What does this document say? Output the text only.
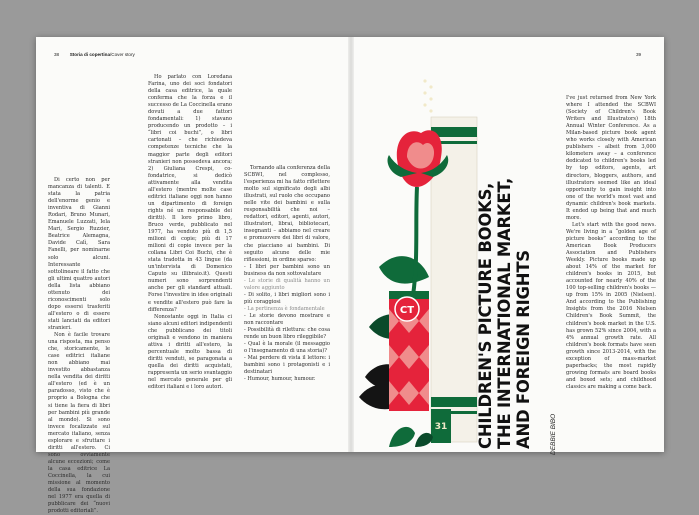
38 Storia di copertina/Cover story	39

Di certo non per mancanza di talenti. E stata la patria dell'enorme genio e inventiva di Gianni Rodari, Bruno Munari, Emanuele Luzzati, Iela Mari, Sergio Ruzzier, Beatrice Alemagna, Davide Calì, Sara Fanelli, per nominarne solo alcuni. Interessante sottolineare il fatto che gli ultimi quattro autori della lista abbiano ottenuto dei riconoscimenti solo dopo essersi trasferiti all'estero o di essere stati lanciati da editori stranieri.

Non è facile trovare una risposta, ma penso che, storicamente, le case editrici italiane non abbiano mai investito abbastanza nella vendita dei diritti all'estero (ed è un paradosso, visto che è proprio a Bologna che si tiene la fiera di libri per bambini più grande al mondo). Si sono invece focalizzate sul mercato italiano, senza esplorare e sfruttare i diritti all'estero. Ci sono ovviamente alcune eccezioni; come la casa editrice La Coccinella, la cui missione al momento della sua fondazione nel 1977 era quella di pubblicare dei “nuovi prodotti editoriali”.

Ho parlato con Loredana Farina, uno dei soci fondatori della casa editrice, la quale conferma che la forza e il successo de La Coccinella erano dovuti a due fattori fondamentali: 1) stavano producendo un prodotto – i “libri coi buchi”, o libri cartonati – che richiedeva competenze tecniche che la maggior parte degli editori stranieri non possedeva ancora; 2) Giuliana Crespi, co-fondatrice, si dedicò attivamente alla vendita all'estero (mentre molte case editrici italiane oggi non hanno un dipartimento di foreign rights né un responsabile dei diritti). Il loro primo libro, Bruco verde, pubblicato nel 1977, ha venduto più di 1,5 milioni di copie; più di 17 milioni di copie invece per la collana Libri Coi Buchi, che è stata tradotta in 43 lingue (da un'intervista di Domenico Caputo su illibraio.it). Questi numeri sono sorprendenti anche per gli standard attuali. Forse l'investire in idee originali e vendite all'estero può fare la differenza?

Nonostante oggi in Italia ci siano alcuni editori indipendenti che pubblicano dei titoli originali e vendono in maniera attiva i diritti all'estero, la percentuale molto bassa di diritti venduti, se paragonata a quella dei diritti acquistati, rappresenta un serio svantaggio nel mercato generale per gli editori italiani e i loro autori.

Tornando alla conferenza della SCBWI, nel complesso, l'esperienza mi ha fatto riflettere molto sul significato degli albi illustrati, sul ruolo che occupano nelle vite dei bambini e sulla responsabilità che noi – redattori, editori, agenti, autori, illustratori, librai, bibliotecari, insegnanti – abbiamo nel creare e promuovere dei libri di valore, che piacciano ai bambini. Di seguito alcune delle mie riflessioni, in ordine sparso:

- I libri per bambini sono un business da non sottovalutare
- Le storie di qualità hanno un valore aggiunto
- Di solito, i libri migliori sono i più coraggiosi
- La pertinenza è fondamentale
- Le storie devono mostrare e non raccontare
- Possibilità di rilettura: che cosa rende un buon libro rileggibile?
- Qual è la morale (il messaggio o l'insegnamento di una storia)?
- Mai perdere di vista il lettore: i bambini sono i protagonisti e i destinatari
- Humour, humour, humour.
CT
31 CHILDREN'S PICTURE BOOKS, THE INTERNATIONAL MARKET, AND FOREIGN RIGHTS	DEBBIE BIBO

I've just returned from New York where I attended the SCBWI (Society of Children's Book Writers and Illustrators) 18th Annual Winter Conference. As a Milan-based picture book agent who works closely with American publishers – albeit from 3,000 kilometers away – a conference dedicated to children's books led by top editors, agents, art directors, bloggers, authors, and illustrators seemed like an ideal opportunity to gain insight into one of the world's most vast and dynamic children's book markets. It ended up being that and much more.

Let's start with the good news. We're living in a “golden age of picture books” according to the American Book Producers Association and Publishers Weekly. Picture books made up about 14% of the market for children's books in 2015, but accounted for nearly 40% of the 100 top-selling children's books — up from 15% in 2005 (Nielsen). And according to the Publishing Insights from the 2016 Nielsen Children's Book Summit, the children's book market in the U.S. has grown 52% since 2004, with a 4% annual growth rate. All children's book formats have seen growth since 2013-2014, with the exception of mass-market paperbacks; the most rapidly growing formats are board books and boxed sets; and childhood classics are making a come back.
